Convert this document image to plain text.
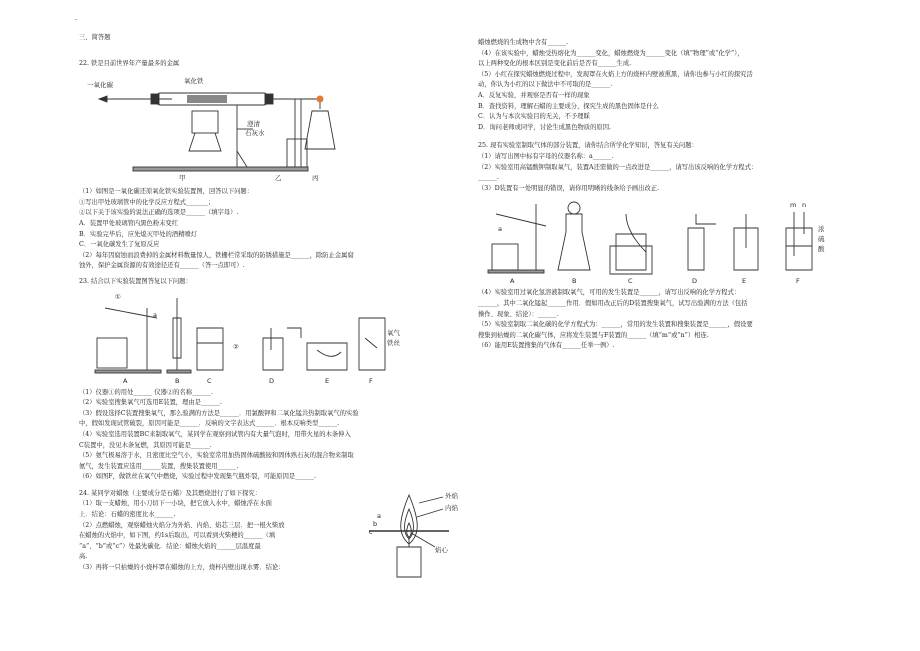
.

三、简答题

22. 铁是目前世界年产量最多的金属

一氧化碳	氧化铁
澄清
石灰水
甲	乙	丙

（1）如图是一氧化碳还原氧化铁实验装置图，回答以下问题：

①写出甲处玻璃管中的化学反应方程式_______；

②以下关于该实验的说法正确的选项是______（填字母）.

A．装置甲处玻璃管内黑色粉末变红

B．实验完毕后，应先熄灭甲处的酒精喷灯

C．一氧化碳发生了复原反应

（2）每年因腐蚀而浪费掉的金属材料数量惊人，铁栅栏常采取的防锈措施是______，除防止金属腐

蚀外，保护金属资源的有效途径还有______（答一点即可）.

23. 结合以下实验装置图答复以下问题：

①
②
a
氧气
铁丝
A	B	C	D	E	F

（1）仪器①的用处______ 仪器②的名称______.

（2）实验室搜集氧气可选用E装置，理由是______.

（3）假设选择C装置搜集氧气，那么验满的方法是______．用氯酸钾和二氧化锰共热制取氧气的实验

中，假如发现试管破裂，原因可能是______．反响的文字表达式______．根本反响类型______.

（4）实验室选用装置BC来制取氧气，某同学在观察到试管内有大量气泡时，用带火星的木条伸入

C装置中，没见木条复燃，其原因可能是______.

（5）氨气极易溶于水，且密度比空气小，实验室常用加热固体硫酸铵和固体熟石灰的混合物来制取

氨气，发生装置应选用______装置，搜集装置使用______.

（6）如图F，做铁丝在氧气中燃烧，实验过程中发现集气瓶炸裂，可能原因是______.

24. 某同学对蜡烛（主要成分是石蜡）及其燃烧进行了如下探究：

（1）取一支蜡烛，用小刀切下一小块，把它放入水中，蜡烛浮在水面

上．结论：石蜡的密度比水______.

（2）点燃蜡烛，观察蜡烛火焰分为外焰、内焰、焰芯三层．把一根火柴放

在蜡烛的火焰中，如下图，约1s后取出，可以看到火柴梗的______（填

“a”、“b”或“c”）处最先碳化．结论：蜡烛火焰的______层温度最

高.

（3）再将一只枯燥的小烧杯罩在蜡烛的上方，烧杯内壁出现水雾．结论：

外焰
内焰
焰心
a
b
c

蜡烛燃烧的生成物中含有______.

（4）在该实验中，蜡烛受热熔化为______变化，蜡烛燃烧为______变化（填“物理”或“化学”），

以上两种变化的根本区别是变化前后是否有______生成.

（5）小红在探究蜡烛燃烧过程中，发现罩在火焰上方的烧杯内壁被熏黑，请你也参与小红的探究活

动，你认为小红的以下做法中不可取的是______.

A．反复实验，并观察是否有一样的现象

B．查找资料，理解石蜡的主要成分，探究生成的黑色固体是什么

C．认为与本次实验目的无关，不予理睬

D．询问老师或同学，讨论生成黑色物质的原因.

25. 现有实验室制取气体的部分装置，请你结合所学化学知识，答复有关问题：

（1）请写出图中标有字母的仪器名称：a______.

（2）实验室用高锰酸钾制取氧气，装置A还需做的一点改进是______，请写出该反响的化学方程式：

______.

（3）D装置有一处明显的错误，请你用明晰的线条给予画出改正.

a
m n
浓
硫
酸
A	B	C	D	E	F

（4）实验室用过氧化氢溶液制取氧气，可用的发生装置是______，请写出反响的化学方程式：

______，其中二氧化锰起______作用．假如用改正后的D装置搜集氧气，试写出验满的方法（包括

操作、现象、结论）：______.

（5）实验室制取二氧化碳的化学方程式为：______，常用的发生装置和搜集装置是______，假设要

搜集到枯燥的二氧化碳气体，应将发生装置与F装置的______（填“m”或“n”）相连.

（6）能用E装置搜集的气体有______任举一例）.
